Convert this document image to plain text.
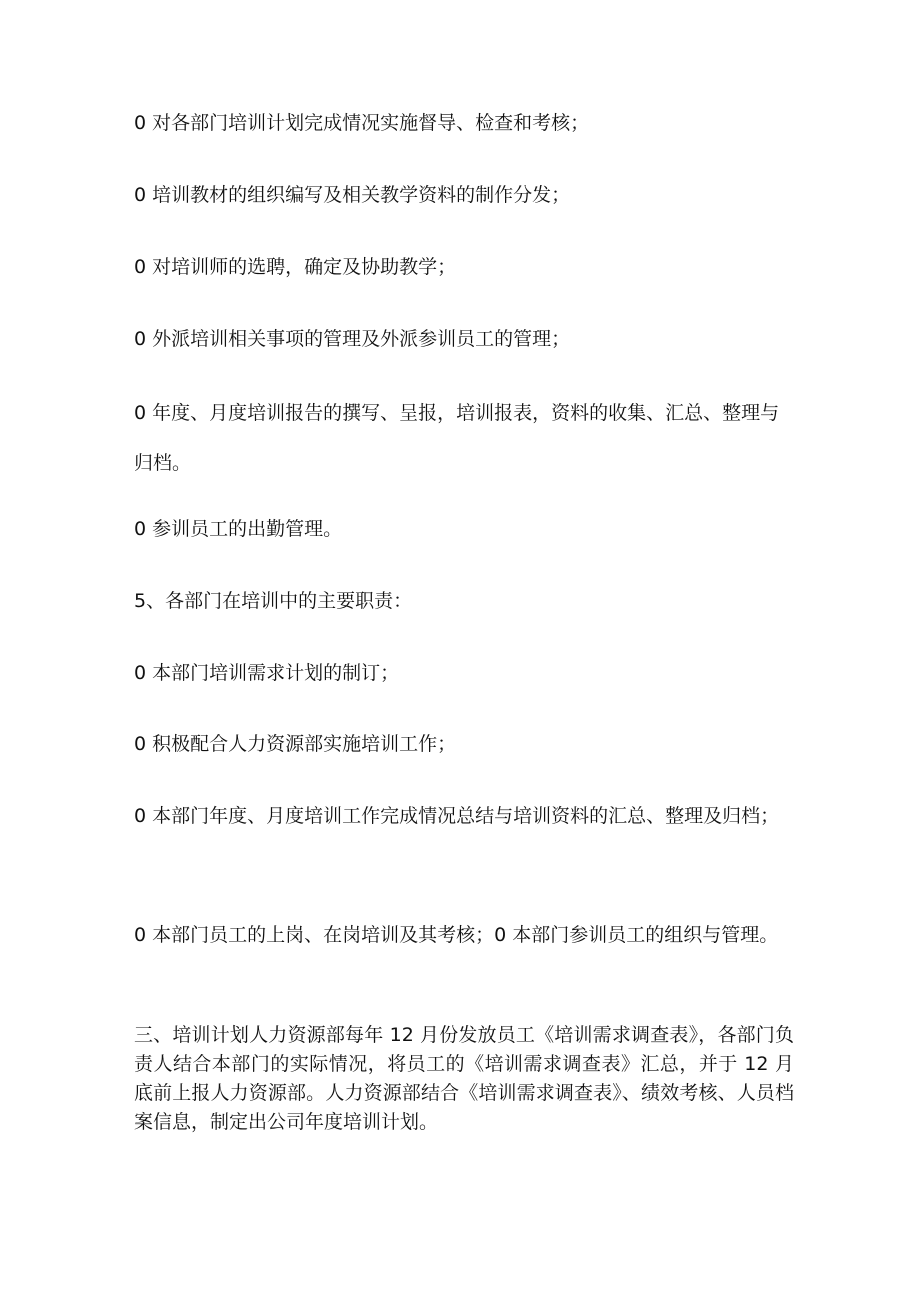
0 对各部门培训计划完成情况实施督导、检查和考核；

0 培训教材的组织编写及相关教学资料的制作分发；

0 对培训师的选聘，确定及协助教学；

0 外派培训相关事项的管理及外派参训员工的管理；

0 年度、月度培训报告的撰写、呈报，培训报表，资料的收集、汇总、整理与归档。

0 参训员工的出勤管理。

5、各部门在培训中的主要职责：

0 本部门培训需求计划的制订；

0 积极配合人力资源部实施培训工作；

0 本部门年度、月度培训工作完成情况总结与培训资料的汇总、整理及归档；

0 本部门员工的上岗、在岗培训及其考核；0 本部门参训员工的组织与管理。

三、培训计划人力资源部每年 12 月份发放员工《培训需求调查表》，各部门负责人结合本部门的实际情况，将员工的《培训需求调查表》汇总，并于 12 月底前上报人力资源部。人力资源部结合《培训需求调查表》、绩效考核、人员档案信息，制定出公司年度培训计划。
